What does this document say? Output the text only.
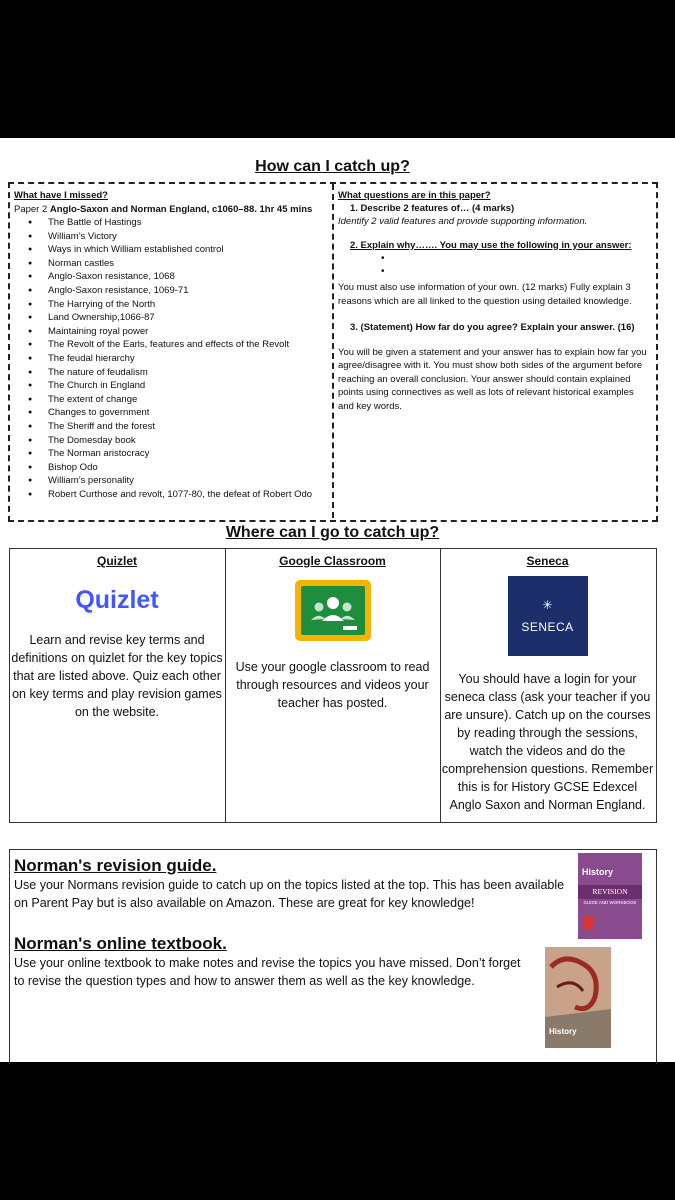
How can I catch up?
What have I missed?
Paper 2 Anglo-Saxon and Norman England, c1060–88. 1hr 45 mins
● The Battle of Hastings
● William’s Victory
● Ways in which William established control
● Norman castles
● Anglo-Saxon resistance, 1068
● Anglo-Saxon resistance, 1069-71
● The Harrying of the North
● Land Ownership,1066-87
● Maintaining royal power
● The Revolt of the Earls, features and effects of the Revolt
● The feudal hierarchy
● The nature of feudalism
● The Church in England
● The extent of change
● Changes to government
● The Sheriff and the forest
● The Domesday book
● The Norman aristocracy
● Bishop Odo
● William’s personality
● Robert Curthose and revolt, 1077-80, the defeat of Robert Odo
What questions are in this paper?
1. Describe 2 features of… (4 marks)
Identify 2 valid features and provide supporting information.
2. Explain why……. You may use the following in your answer:
•
•
You must also use information of your own. (12 marks) Fully explain 3 reasons which are all linked to the question using detailed knowledge.
3. (Statement) How far do you agree? Explain your answer. (16)
You will be given a statement and your answer has to explain how far you agree/disagree with it. You must show both sides of the argument before reaching an overall conclusion. Your answer should contain explained points using connectives as well as lots of relevant historical examples and key words.
Where can I go to catch up?
Quizlet
Quizlet
Learn and revise key terms and definitions on quizlet for the key topics that are listed above. Quiz each other on key terms and play revision games on the website.
Google Classroom
Use your google classroom to read through resources and videos your teacher has posted.
Seneca
✳
SENECA
You should have a login for your seneca class (ask your teacher if you are unsure). Catch up on the courses by reading through the sessions, watch the videos and do the comprehension questions. Remember this is for History GCSE Edexcel Anglo Saxon and Norman England.
Norman's revision guide.
Use your Normans revision guide to catch up on the topics listed at the top. This has been available on Parent Pay but is also available on Amazon. These are great for key knowledge!
History
REVISION
GUIDE AND WORKBOOK
Norman's online textbook.
Use your online textbook to make notes and revise the topics you have missed. Don’t forget to revise the question types and how to answer them as well as the key knowledge.
History
